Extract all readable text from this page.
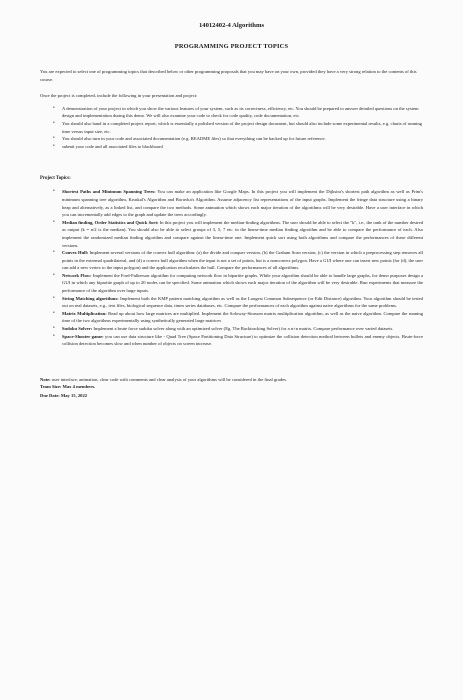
14012402-4 Algorithms
PROGRAMMING PROJECT TOPICS

You are expected to select one of programming topics that described below or other programming proposals that you may have on your own, provided they have a very strong relation to the contents of this course.

Once the project is completed, include the following in your presentation and project:

• A demonstration of your project in which you show the various features of your system, such as its correctness, efficiency, etc. You should be prepared to answer detailed questions on the system design and implementation during this demo. We will also examine your code to check for code quality, code documentation, etc.
• You should also hand in a completed project report, which is essentially a polished version of the project design document, but should also include some experimental results, e.g. charts of running time versus input size, etc.
• You should also turn in your code and associated documentation (e.g. README files) so that everything can be backed up for future reference.
• submit your code and all associated files to blackboard
Project Topics:
• Shortest Paths and Minimum Spanning Trees: You can make an application like Google Maps. In this project you will implement the Dijkstra's shortest path algorithm as well as Prim's minimum spanning tree algorithm, Kruskal's Algorithm and Boruvka's Algorithm. Assume adjacency list representations of the input graphs. Implement the fringe data structure using a binary heap and alternatively, as a linked list, and compare the two methods. Some animation which shows each major iteration of the algorithms will be very desirable. Have a user interface in which you can incrementally add edges to the graph and update the trees accordingly.
• Median finding, Order Statistics and Quick Sort: In this project you will implement the median-finding algorithms. The user should be able to select the "k", i.e., the rank of the number desired as output (k = n/2 is the median). You should also be able to select groups of 3, 5, 7 etc. in the linear-time median finding algorithm and be able to compare the performance of each. Also implement the randomized median finding algorithm and compare against the linear-time one. Implement quick sort using both algorithms and compare the performances of these different versions.
• Convex Hull: Implement several versions of the convex hull algorithm: (a) the divide and conquer version, (b) the Graham Scan version, (c) the version in which a preprocessing step removes all points in the extremal quadrilateral, and (d) a convex hull algorithm when the input is not a set of points, but is a nonconvex polygon. Have a GUI where one can insert new points (for (d), the user can add a new vertex to the input polygon) and the application recalculates the hull. Compare the performances of all algorithms.
• Network Flow: Implement the Ford-Fulkerson algorithm for computing network flow in bipartite graphs. While your algorithm should be able to handle large graphs, for demo purposes design a GUI in which any bipartite graph of up to 20 nodes can be specified. Some animation which shows each major iteration of the algorithm will be very desirable. Run experiments that measure the performance of the algorithm over large inputs.
• String Matching algorithms: Implement both the KMP pattern matching algorithm as well as the Longest Common Subsequence (or Edit Distance) algorithm. Your algorithm should be tested out on real datasets, e.g., text files, biological sequence data, times series databases, etc. Compare the performances of each algorithm against naive algorithms for the same problems.
• Matrix Multiplication: Read up about how large matrices are multiplied. Implement the Soloway-Strassen matrix multiplication algorithm, as well as the naive algorithm. Compare the running time of the two algorithms experimentally using synthetically generated large matrices
• Sudoku Solver: Implement a brute force sudoku solver along with an optimized solver (Eg. The Backtracking Solver) for a n×n matrix. Compare performance over varied datasets.
• Space-Shooter game: you can use data structure like - Quad Tree (Space Partitioning Data Structure) to optimize the collision detection method between bullets and enemy objects. Brute-force collision detection becomes slow and when number of objects on screen increase.
Note: user interface, animation, clear code with comments and clear analysis of your algorithms will be considered in the final grades.
Team Size: Max 4 members.
Due Date: May 15, 2022
